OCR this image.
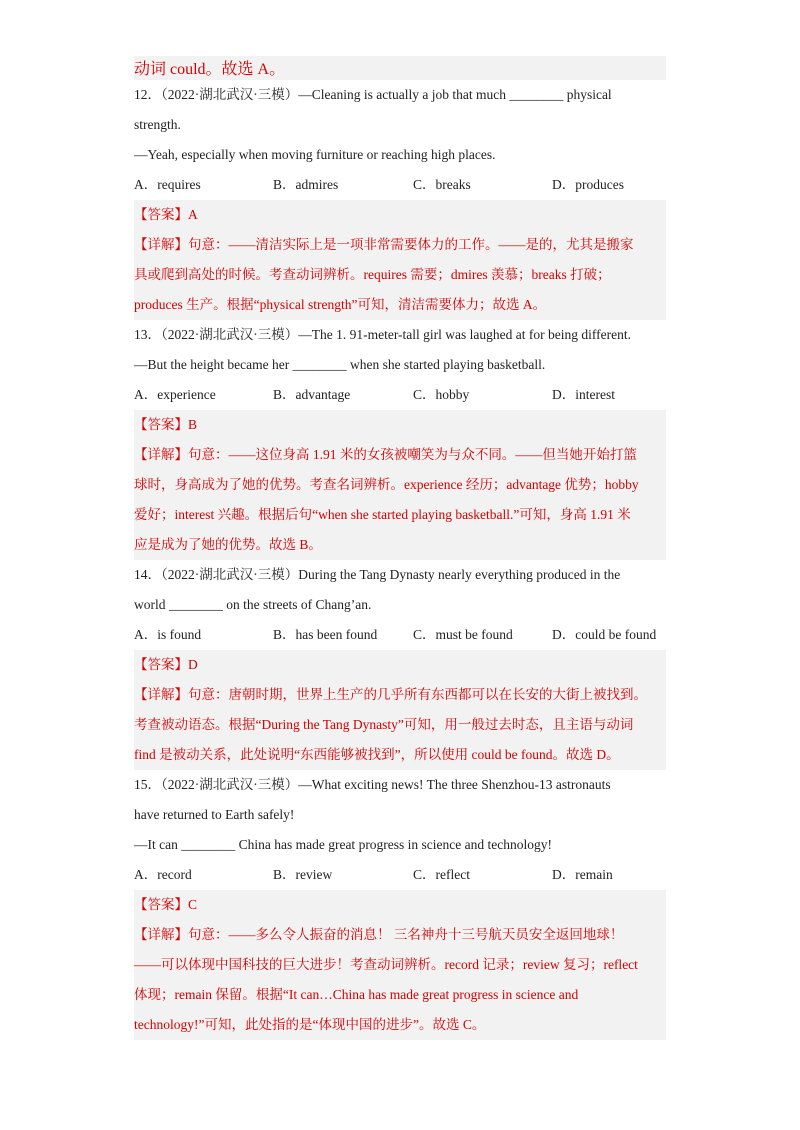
动词 could。故选 A。
12．（2022·湖北武汉·三模）—Cleaning is actually a job that much ________ physical
strength.
—Yeah, especially when moving furniture or reaching high places.
A．requires	B．admires	C．breaks	D．produces
【答案】A
【详解】句意：——清洁实际上是一项非常需要体力的工作。——是的，尤其是搬家
具或爬到高处的时候。考查动词辨析。requires 需要；dmires 羡慕；breaks 打破；
produces 生产。根据“physical strength”可知，清洁需要体力；故选 A。
13．（2022·湖北武汉·三模）—The 1. 91-meter-tall girl was laughed at for being different.
—But the height became her ________ when she started playing basketball.
A．experience	B．advantage	C．hobby	D．interest
【答案】B
【详解】句意：——这位身高 1.91 米的女孩被嘲笑为与众不同。——但当她开始打篮
球时，身高成为了她的优势。考查名词辨析。experience 经历；advantage 优势；hobby
爱好；interest 兴趣。根据后句“when she started playing basketball.”可知，身高 1.91 米
应是成为了她的优势。故选 B。
14．（2022·湖北武汉·三模）During the Tang Dynasty nearly everything produced in the
world ________ on the streets of Chang’an.
A．is found	B．has been found	C．must be found	D．could be found
【答案】D
【详解】句意：唐朝时期，世界上生产的几乎所有东西都可以在长安的大街上被找到。
考查被动语态。根据“During the Tang Dynasty”可知，用一般过去时态，且主语与动词
find 是被动关系，此处说明“东西能够被找到”，所以使用 could be found。故选 D。
15．（2022·湖北武汉·三模）—What exciting news! The three Shenzhou-13 astronauts
have returned to Earth safely!
—It can ________ China has made great progress in science and technology!
A．record	B．review	C．reflect	D．remain
【答案】C
【详解】句意：——多么令人振奋的消息！ 三名神舟十三号航天员安全返回地球！
——可以体现中国科技的巨大进步！考查动词辨析。record 记录；review 复习；reflect
体现；remain 保留。根据“It can…China has made great progress in science and
technology!”可知，此处指的是“体现中国的进步”。故选 C。
